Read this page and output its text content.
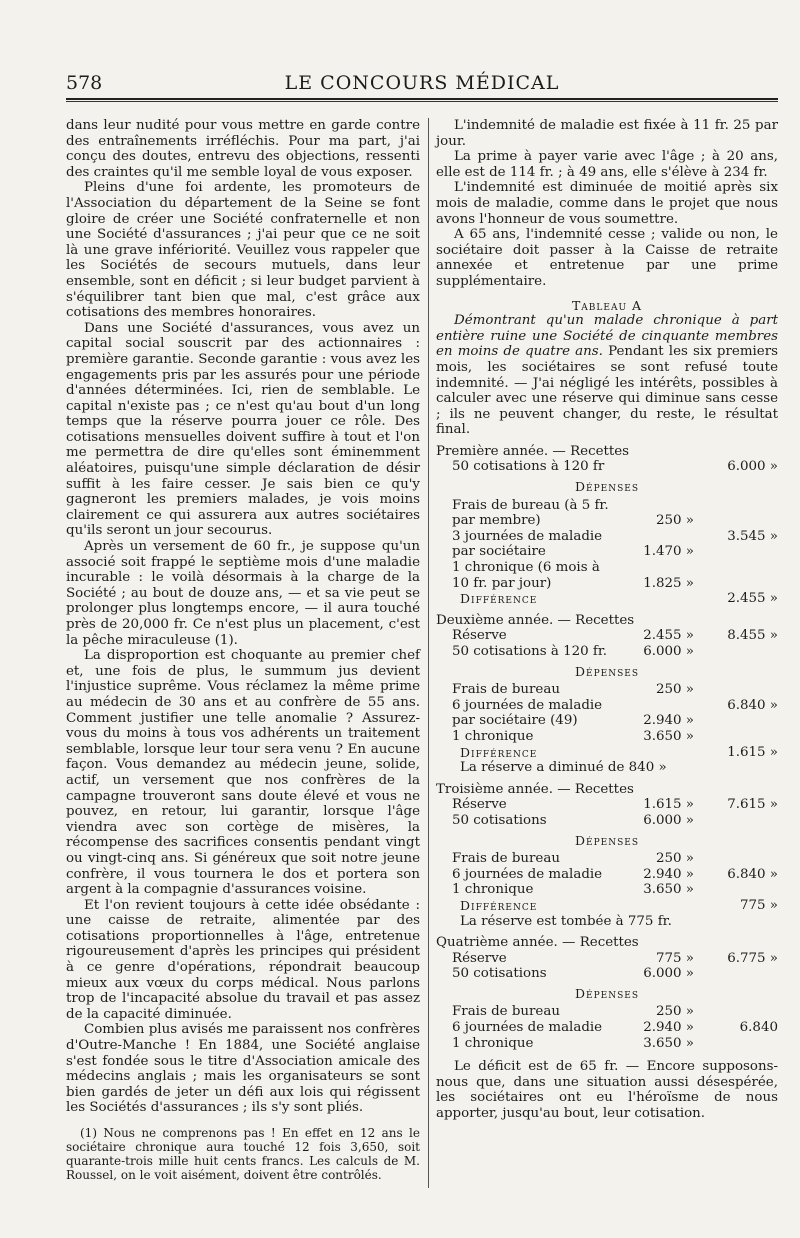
578	LE CONCOURS MÉDICAL

dans leur nudité pour vous mettre en garde contre des entraînements irréfléchis. Pour ma part, j'ai conçu des doutes, entrevu des objections, ressenti des craintes qu'il me semble loyal de vous exposer.

Pleins d'une foi ardente, les promoteurs de l'Association du département de la Seine se font gloire de créer une Société confraternelle et non une Société d'assurances ; j'ai peur que ce ne soit là une grave infériorité. Veuillez vous rappeler que les Sociétés de secours mutuels, dans leur ensemble, sont en déficit ; si leur budget parvient à s'équilibrer tant bien que mal, c'est grâce aux cotisations des membres honoraires.

Dans une Société d'assurances, vous avez un capital social souscrit par des actionnaires : première garantie. Seconde garantie : vous avez les engagements pris par les assurés pour une période d'années déterminées. Ici, rien de semblable. Le capital n'existe pas ; ce n'est qu'au bout d'un long temps que la réserve pourra jouer ce rôle. Des cotisations mensuelles doivent suffire à tout et l'on me permettra de dire qu'elles sont éminemment aléatoires, puisqu'une simple déclaration de désir suffit à les faire cesser. Je sais bien ce qu'y gagneront les premiers malades, je vois moins clairement ce qui assurera aux autres sociétaires qu'ils seront un jour secourus.

Après un versement de 60 fr., je suppose qu'un associé soit frappé le septième mois d'une maladie incurable : le voilà désormais à la charge de la Société ; au bout de douze ans, — et sa vie peut se prolonger plus longtemps encore, — il aura touché près de 20,000 fr. Ce n'est plus un placement, c'est la pêche miraculeuse (1).

La disproportion est choquante au premier chef et, une fois de plus, le summum jus devient l'injustice suprême. Vous réclamez la même prime au médecin de 30 ans et au confrère de 55 ans. Comment justifier une telle anomalie ? Assurez-vous du moins à tous vos adhérents un traitement semblable, lorsque leur tour sera venu ? En aucune façon. Vous demandez au médecin jeune, solide, actif, un versement que nos confrères de la campagne trouveront sans doute élevé et vous ne pouvez, en retour, lui garantir, lorsque l'âge viendra avec son cortège de misères, la récompense des sacrifices consentis pendant vingt ou vingt-cinq ans. Si généreux que soit notre jeune confrère, il vous tournera le dos et portera son argent à la compagnie d'assurances voisine.

Et l'on revient toujours à cette idée obsédante : une caisse de retraite, alimentée par des cotisations proportionnelles à l'âge, entretenue rigoureusement d'après les principes qui président à ce genre d'opérations, répondrait beaucoup mieux aux vœux du corps médical. Nous parlons trop de l'incapacité absolue du travail et pas assez de la capacité diminuée.

Combien plus avisés me paraissent nos confrères d'Outre-Manche ! En 1884, une Société anglaise s'est fondée sous le titre d'Association amicale des médecins anglais ; mais les organisateurs se sont bien gardés de jeter un défi aux lois qui régissent les Sociétés d'assurances ; ils s'y sont pliés.

(1) Nous ne comprenons pas ! En effet en 12 ans le sociétaire chronique aura touché 12 fois 3,650, soit quarante-trois mille huit cents francs. Les calculs de M. Roussel, on le voit aisément, doivent être contrôlés.

L'indemnité de maladie est fixée à 11 fr. 25 par jour.

La prime à payer varie avec l'âge ; à 20 ans, elle est de 114 fr. ; à 49 ans, elle s'élève à 234 fr.

L'indemnité est diminuée de moitié après six mois de maladie, comme dans le projet que nous avons l'honneur de vous soumettre.

A 65 ans, l'indemnité cesse ; valide ou non, le sociétaire doit passer à la Caisse de retraite annexée et entretenue par une prime supplémentaire.

Tableau A

Démontrant qu'un malade chronique à part entière ruine une Société de cinquante membres en moins de quatre ans. Pendant les six premiers mois, les sociétaires se sont refusé toute indemnité. — J'ai négligé les intérêts, possibles à calculer avec une réserve qui diminue sans cesse ; ils ne peuvent changer, du reste, le résultat final.

Première année. — Recettes

50 cotisations à 120 fr	6.000 »
Dépenses
Frais de bureau (à 5 fr.
par membre)	250 »
3 journées de maladie	3.545 »
par sociétaire	1.470 »
1 chronique (6 mois à
10 fr. par jour)	1.825 »
Différence	2.455 »

Deuxième année. — Recettes

Réserve	2.455 »	8.455 »
50 cotisations à 120 fr.	6.000 »
Dépenses
Frais de bureau	250 »
6 journées de maladie	6.840 »
par sociétaire (49)	2.940 »
1 chronique	3.650 »
Différence	1.615 »
La réserve a diminué de 840 »

Troisième année. — Recettes

Réserve	1.615 »	7.615 »
50 cotisations	6.000 »
Dépenses
Frais de bureau	250 »
6 journées de maladie	2.940 »	6.840 »
1 chronique	3.650 »
Différence	775 »
La réserve est tombée à 775 fr.

Quatrième année. — Recettes

Réserve	775 »	6.775 »
50 cotisations	6.000 »
Dépenses
Frais de bureau	250 »
6 journées de maladie	2.940 »	6.840
1 chronique	3.650 »

Le déficit est de 65 fr. — Encore supposons-nous que, dans une situation aussi désespérée, les sociétaires ont eu l'héroïsme de nous apporter, jusqu'au bout, leur cotisation.
